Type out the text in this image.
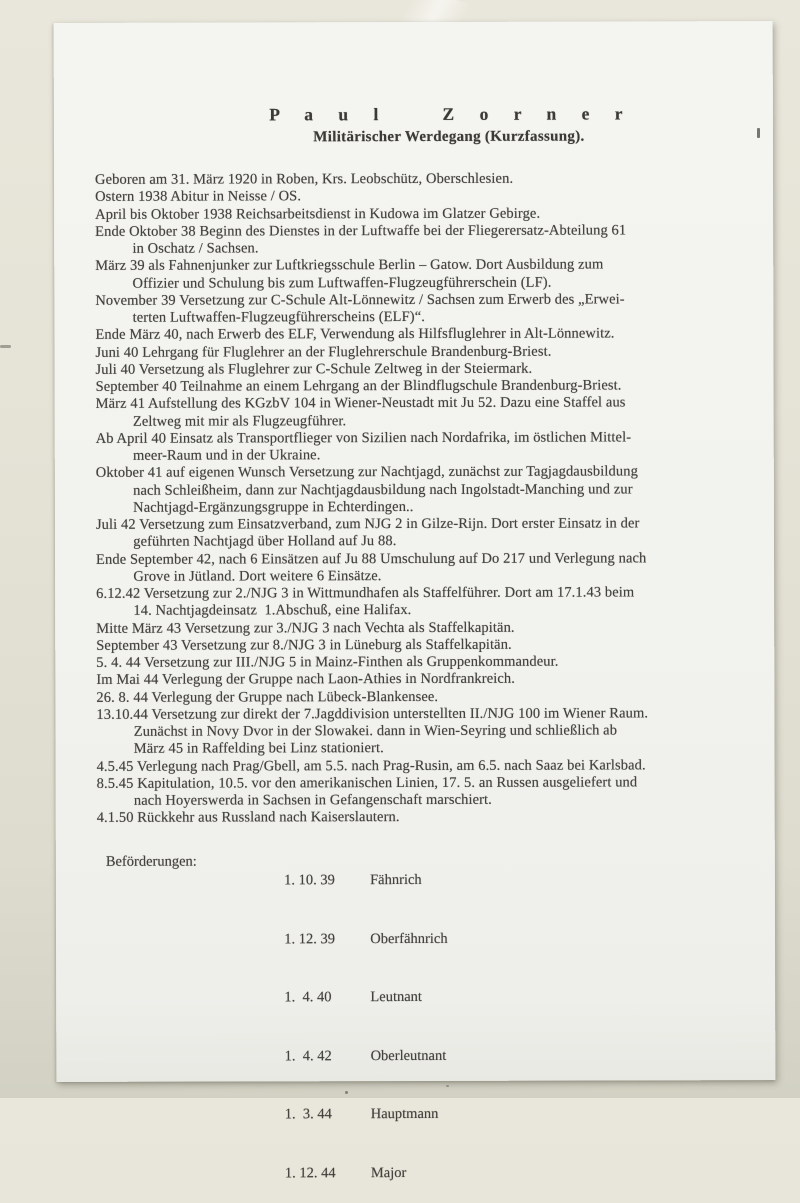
P a u l   Z o r n e r
Militärischer Werdegang (Kurzfassung).
Geboren am 31. März 1920 in Roben, Krs. Leobschütz, Oberschlesien.
Ostern 1938 Abitur in Neisse / OS.
April bis Oktober 1938 Reichsarbeitsdienst in Kudowa im Glatzer Gebirge.
Ende Oktober 38 Beginn des Dienstes in der Luftwaffe bei der Fliegerersatz-Abteilung 61
in Oschatz / Sachsen.
März 39 als Fahnenjunker zur Luftkriegsschule Berlin – Gatow. Dort Ausbildung zum
Offizier und Schulung bis zum Luftwaffen-Flugzeugführerschein (LF).
November 39 Versetzung zur C-Schule Alt-Lönnewitz / Sachsen zum Erwerb des „Erwei-
terten Luftwaffen-Flugzeugführerscheins (ELF)“.
Ende März 40, nach Erwerb des ELF, Verwendung als Hilfsfluglehrer in Alt-Lönnewitz.
Juni 40 Lehrgang für Fluglehrer an der Fluglehrerschule Brandenburg-Briest.
Juli 40 Versetzung als Fluglehrer zur C-Schule Zeltweg in der Steiermark.
September 40 Teilnahme an einem Lehrgang an der Blindflugschule Brandenburg-Briest.
März 41 Aufstellung des KGzbV 104 in Wiener-Neustadt mit Ju 52. Dazu eine Staffel aus
Zeltweg mit mir als Flugzeugführer.
Ab April 40 Einsatz als Transportflieger von Sizilien nach Nordafrika, im östlichen Mittel-
meer-Raum und in der Ukraine.
Oktober 41 auf eigenen Wunsch Versetzung zur Nachtjagd, zunächst zur Tagjagdausbildung
nach Schleißheim, dann zur Nachtjagdausbildung nach Ingolstadt-Manching und zur
Nachtjagd-Ergänzungsgruppe in Echterdingen..
Juli 42 Versetzung zum Einsatzverband, zum NJG 2 in Gilze-Rijn. Dort erster Einsatz in der
geführten Nachtjagd über Holland auf Ju 88.
Ende September 42, nach 6 Einsätzen auf Ju 88 Umschulung auf Do 217 und Verlegung nach
Grove in Jütland. Dort weitere 6 Einsätze.
6.12.42 Versetzung zur 2./NJG 3 in Wittmundhafen als Staffelführer. Dort am 17.1.43 beim
14. Nachtjagdeinsatz  1.Abschuß, eine Halifax.
Mitte März 43 Versetzung zur 3./NJG 3 nach Vechta als Staffelkapitän.
September 43 Versetzung zur 8./NJG 3 in Lüneburg als Staffelkapitän.
5. 4. 44 Versetzung zur III./NJG 5 in Mainz-Finthen als Gruppenkommandeur.
Im Mai 44 Verlegung der Gruppe nach Laon-Athies in Nordfrankreich.
26. 8. 44 Verlegung der Gruppe nach Lübeck-Blankensee.
13.10.44 Versetzung zur direkt der 7.Jagddivision unterstellten II./NJG 100 im Wiener Raum.
Zunächst in Novy Dvor in der Slowakei. dann in Wien-Seyring und schließlich ab
März 45 in Raffelding bei Linz stationiert.
4.5.45 Verlegung nach Prag/Gbell, am 5.5. nach Prag-Rusin, am 6.5. nach Saaz bei Karlsbad.
8.5.45 Kapitulation, 10.5. vor den amerikanischen Linien, 17. 5. an Russen ausgeliefert und
nach Hoyerswerda in Sachsen in Gefangenschaft marschiert.
4.1.50 Rückkehr aus Russland nach Kaiserslautern.
Beförderungen:

1. 10. 39 Fähnrich

1. 12. 39 Oberfähnrich

1.  4. 40	Leutnant

1.  4. 42	Oberleutnant

1.  3. 44	Hauptmann

1. 12. 44 Major
